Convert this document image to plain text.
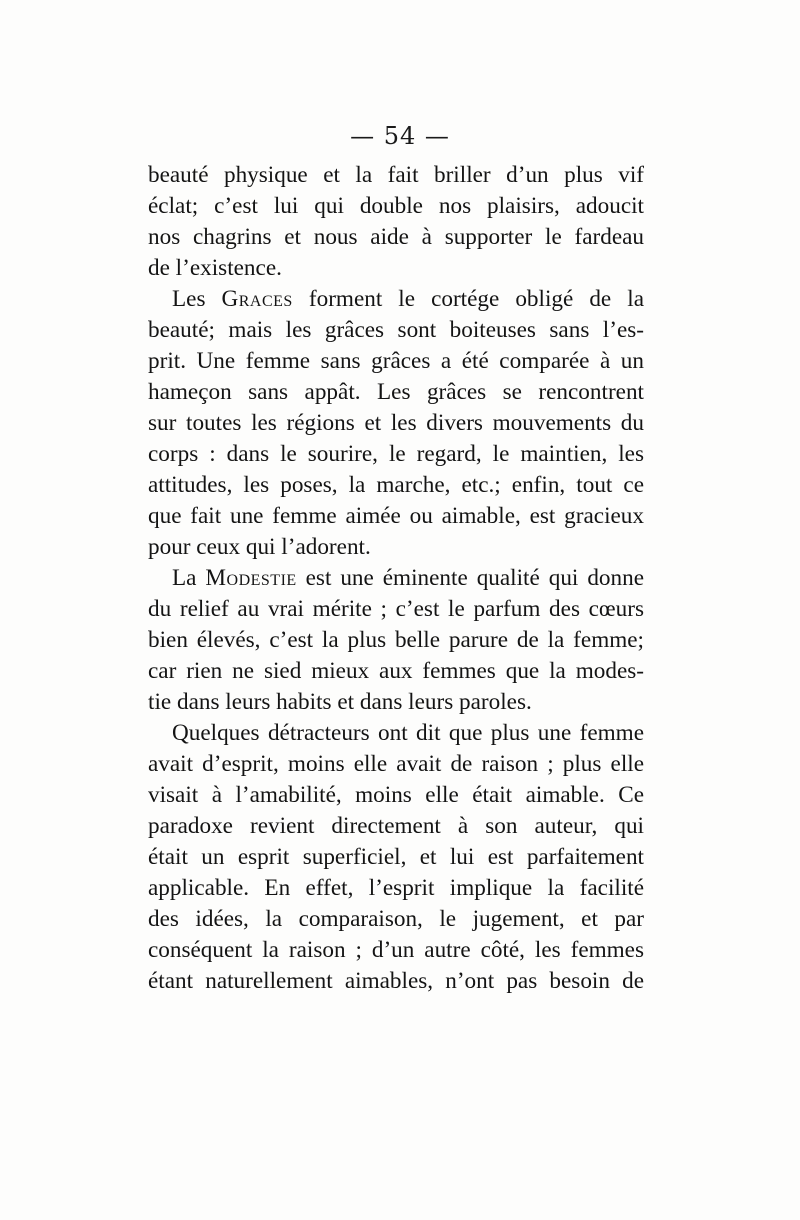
— 54 —
beauté physique et la fait briller d’un plus vif
éclat; c’est lui qui double nos plaisirs, adoucit
nos chagrins et nous aide à supporter le fardeau
de l’existence.
Les Graces forment le cortége obligé de la
beauté; mais les grâces sont boiteuses sans l’es-
prit. Une femme sans grâces a été comparée à un
hameçon sans appât. Les grâces se rencontrent
sur toutes les régions et les divers mouvements du
corps : dans le sourire, le regard, le maintien, les
attitudes, les poses, la marche, etc.; enfin, tout ce
que fait une femme aimée ou aimable, est gracieux
pour ceux qui l’adorent.
La Modestie est une éminente qualité qui donne
du relief au vrai mérite ; c’est le parfum des cœurs
bien élevés, c’est la plus belle parure de la femme;
car rien ne sied mieux aux femmes que la modes-
tie dans leurs habits et dans leurs paroles.
Quelques détracteurs ont dit que plus une femme
avait d’esprit, moins elle avait de raison ; plus elle
visait à l’amabilité, moins elle était aimable. Ce
paradoxe revient directement à son auteur, qui
était un esprit superficiel, et lui est parfaitement
applicable. En effet, l’esprit implique la facilité
des idées, la comparaison, le jugement, et par
conséquent la raison ; d’un autre côté, les femmes
étant naturellement aimables, n’ont pas besoin de
